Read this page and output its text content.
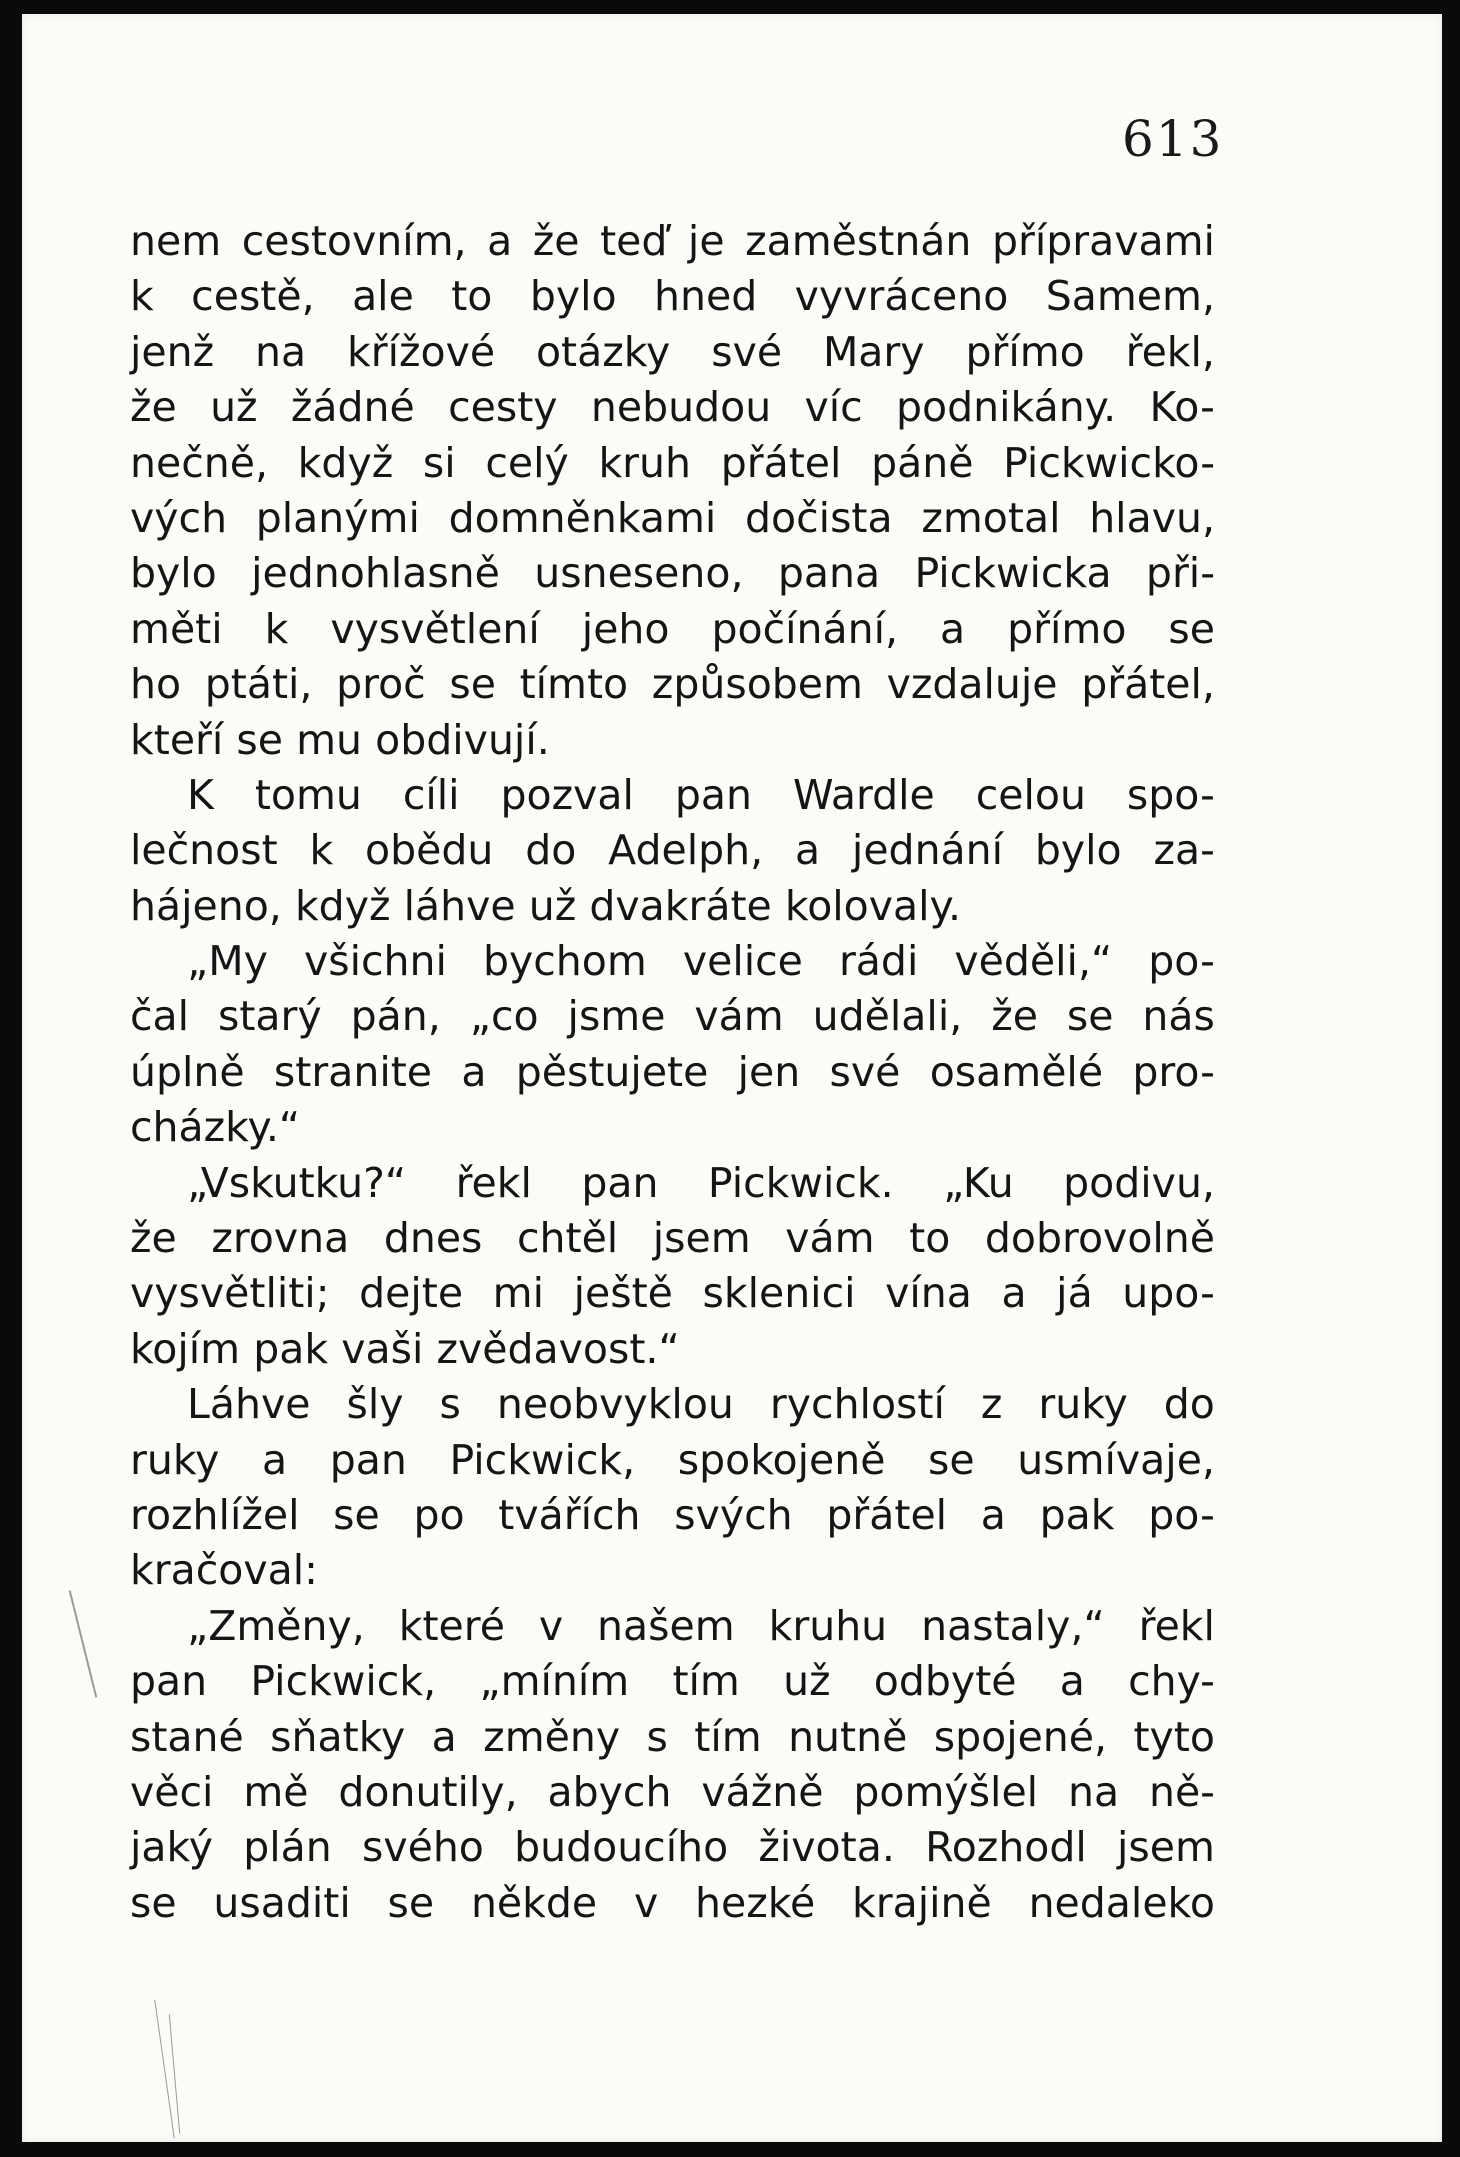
613
nem cestovním, a že teď je zaměstnán přípravami
k cestě, ale to bylo hned vyvráceno Samem,
jenž na křížové otázky své Mary přímo řekl,
že už žádné cesty nebudou víc podnikány. Ko-
nečně, když si celý kruh přátel páně Pickwicko-
vých planými domněnkami dočista zmotal hlavu,
bylo jednohlasně usneseno, pana Pickwicka při-
měti k vysvětlení jeho počínání, a přímo se
ho ptáti, proč se tímto způsobem vzdaluje přátel,
kteří se mu obdivují.
K tomu cíli pozval pan Wardle celou spo-
lečnost k obědu do Adelph, a jednání bylo za-
hájeno, když láhve už dvakráte kolovaly.
„My všichni bychom velice rádi věděli,“ po-
čal starý pán, „co jsme vám udělali, že se nás
úplně stranite a pěstujete jen své osamělé pro-
cházky.“
„Vskutku?“ řekl pan Pickwick. „Ku podivu,
že zrovna dnes chtěl jsem vám to dobrovolně
vysvětliti; dejte mi ještě sklenici vína a já upo-
kojím pak vaši zvědavost.“
Láhve šly s neobvyklou rychlostí z ruky do
ruky a pan Pickwick, spokojeně se usmívaje,
rozhlížel se po tvářích svých přátel a pak po-
kračoval:
„Změny, které v našem kruhu nastaly,“ řekl
pan Pickwick, „míním tím už odbyté a chy-
stané sňatky a změny s tím nutně spojené, tyto
věci mě donutily, abych vážně pomýšlel na ně-
jaký plán svého budoucího života. Rozhodl jsem
se usaditi se někde v hezké krajině nedaleko
